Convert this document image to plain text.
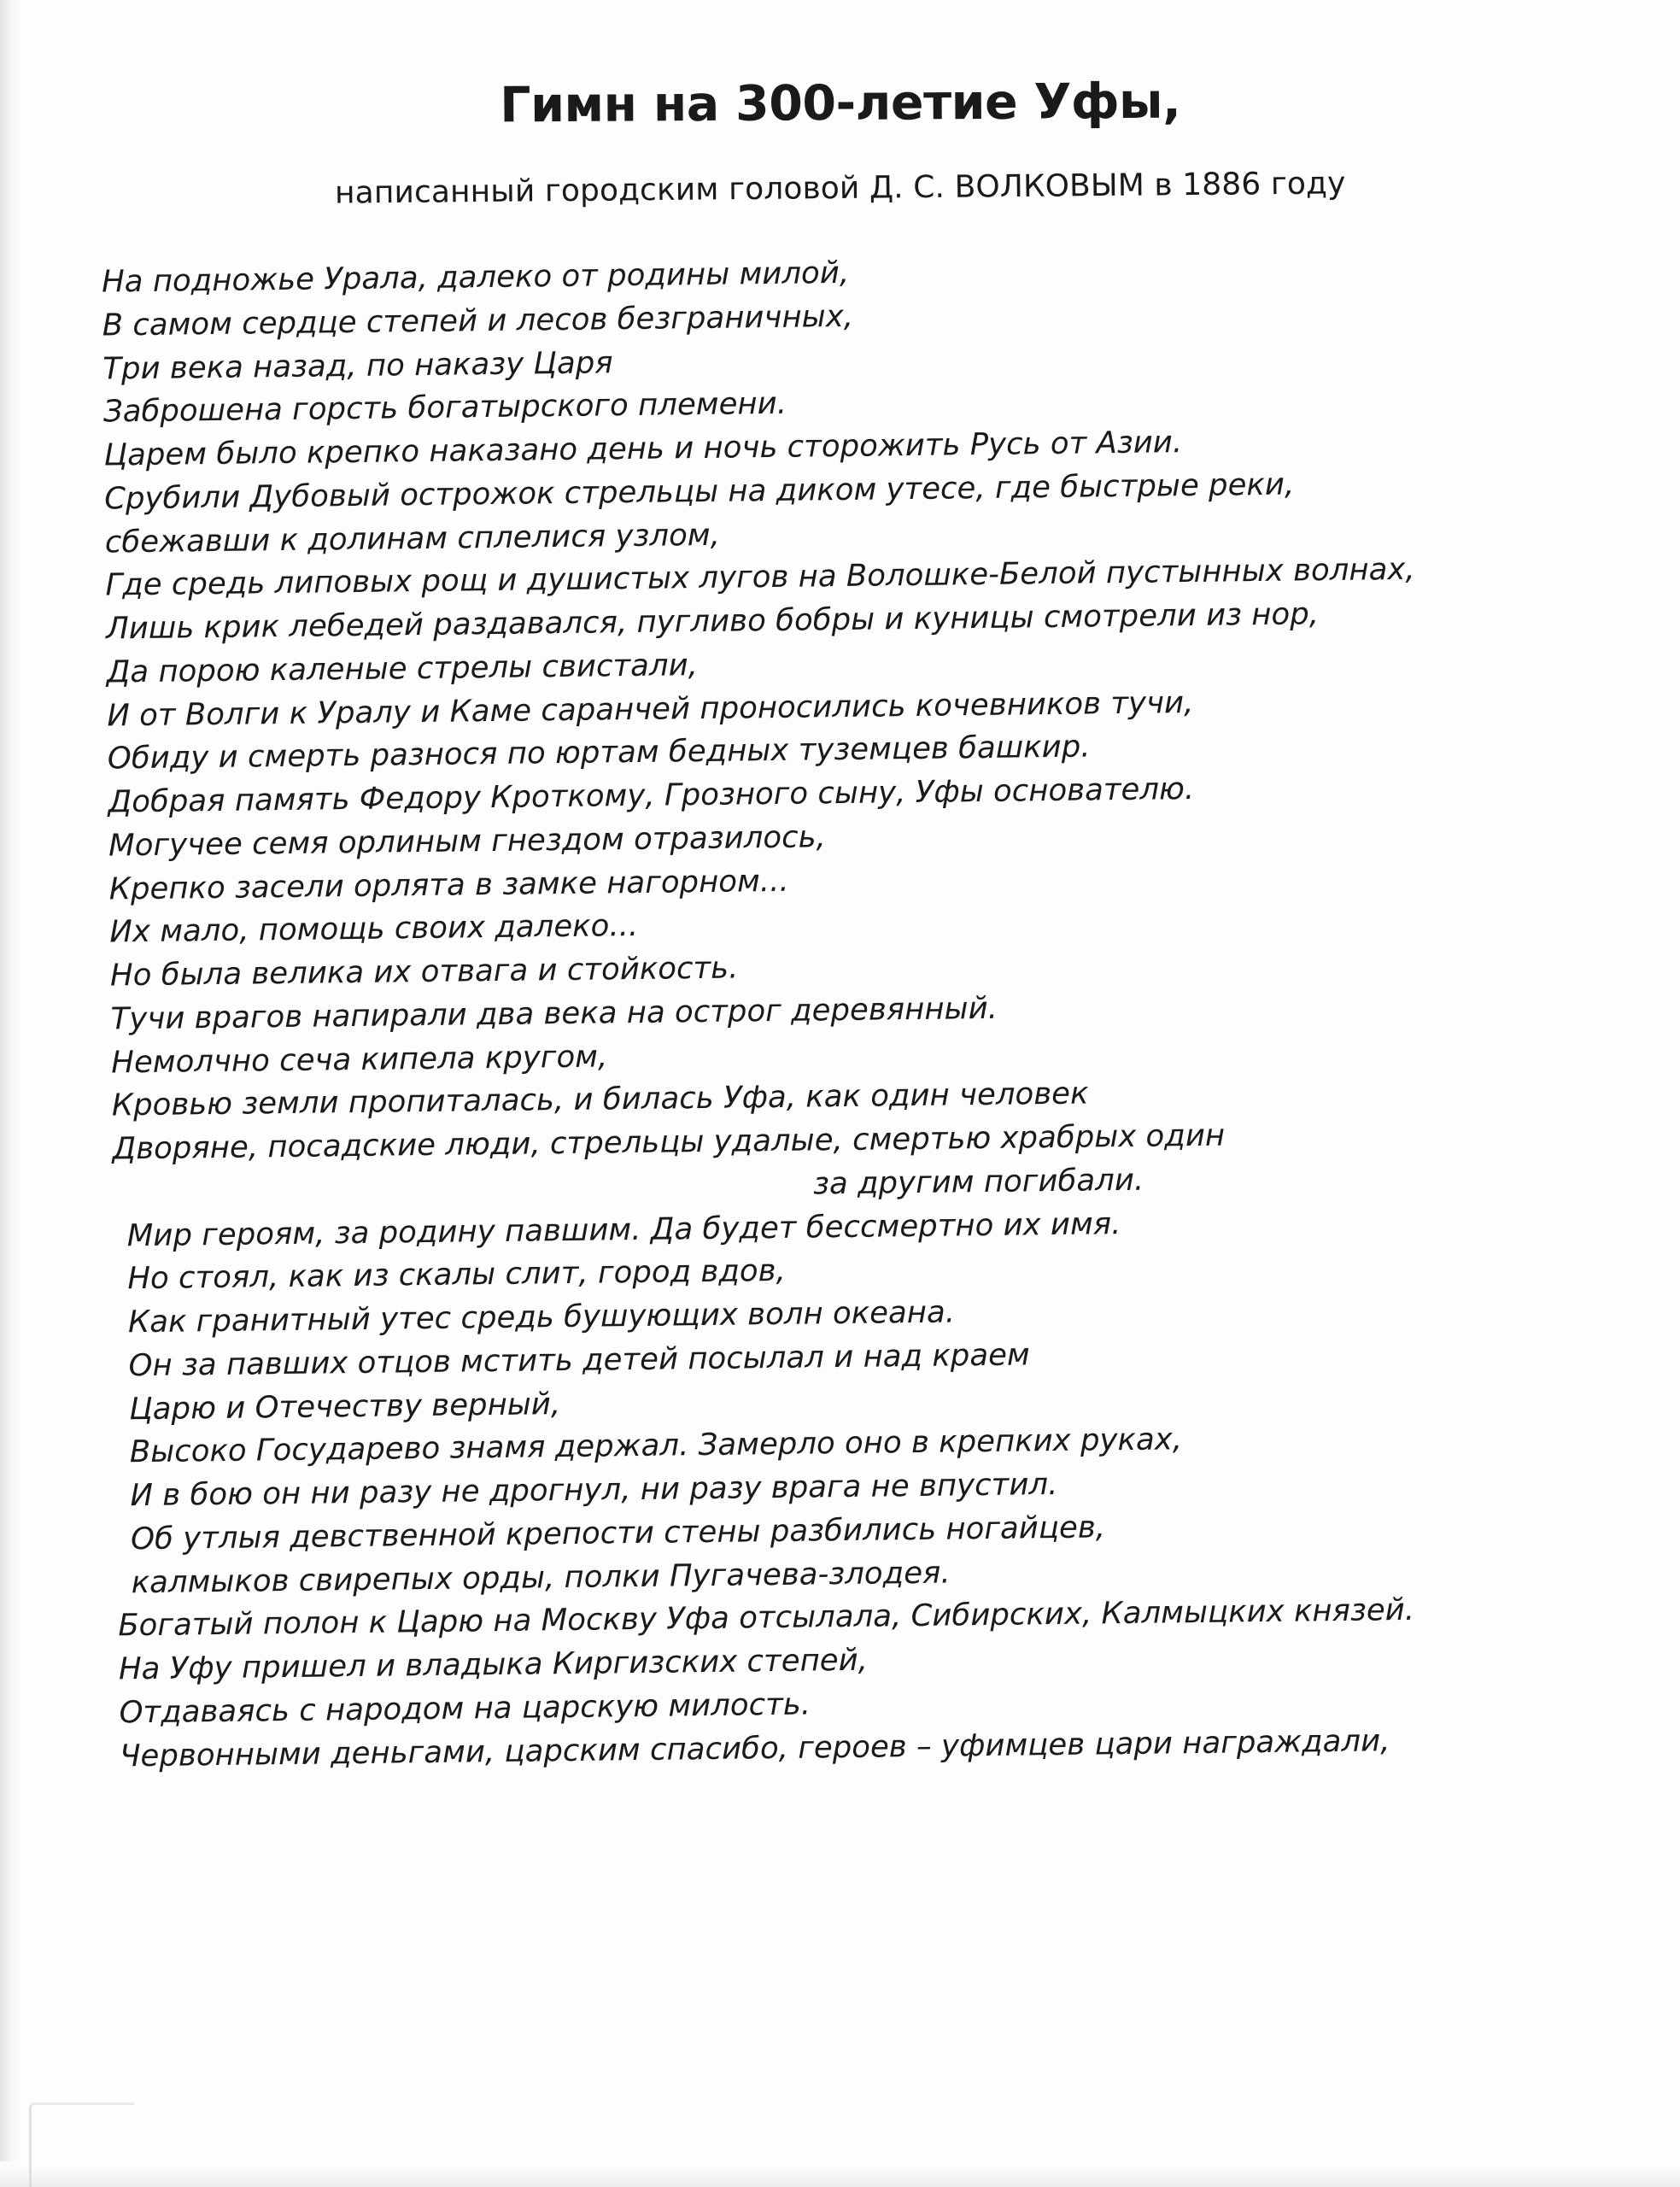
Гимн на 300-летие Уфы,

написанный городским головой Д. С. ВОЛКОВЫМ в 1886 году

На подножье Урала, далеко от родины милой,
В самом сердце степей и лесов безграничных,
Три века назад, по наказу Царя
Заброшена горсть богатырского племени.
Царем было крепко наказано день и ночь сторожить Русь от Азии.
Срубили Дубовый острожок стрельцы на диком утесе, где быстрые реки,
сбежавши к долинам сплелися узлом,
Где средь липовых рощ и душистых лугов на Волошке-Белой пустынных волнах,
Лишь крик лебедей раздавался, пугливо бобры и куницы смотрели из нор,
Да порою каленые стрелы свистали,
И от Волги к Уралу и Каме саранчей проносились кочевников тучи,
Обиду и смерть разнося по юртам бедных туземцев башкир.
Добрая память Федору Кроткому, Грозного сыну, Уфы основателю.
Могучее семя орлиным гнездом отразилось,
Крепко засели орлята в замке нагорном...
Их мало, помощь своих далеко...
Но была велика их отвага и стойкость.
Тучи врагов напирали два века на острог деревянный.
Немолчно сеча кипела кругом,
Кровью земли пропиталась, и билась Уфа, как один человек
Дворяне, посадские люди, стрельцы удалые, смертью храбрых один
за другим погибали.
Мир героям, за родину павшим. Да будет бессмертно их имя.
Но стоял, как из скалы слит, город вдов,
Как гранитный утес средь бушующих волн океана.
Он за павших отцов мстить детей посылал и над краем
Царю и Отечеству верный,
Высоко Государево знамя держал. Замерло оно в крепких руках,
И в бою он ни разу не дрогнул, ни разу врага не впустил.
Об утлыя девственной крепости стены разбились ногайцев,
калмыков свирепых орды, полки Пугачева-злодея.
Богатый полон к Царю на Москву Уфа отсылала, Сибирских, Калмыцких князей.
На Уфу пришел и владыка Киргизских степей,
Отдаваясь с народом на царскую милость.
Червонными деньгами, царским спасибо, героев – уфимцев цари награждали,
